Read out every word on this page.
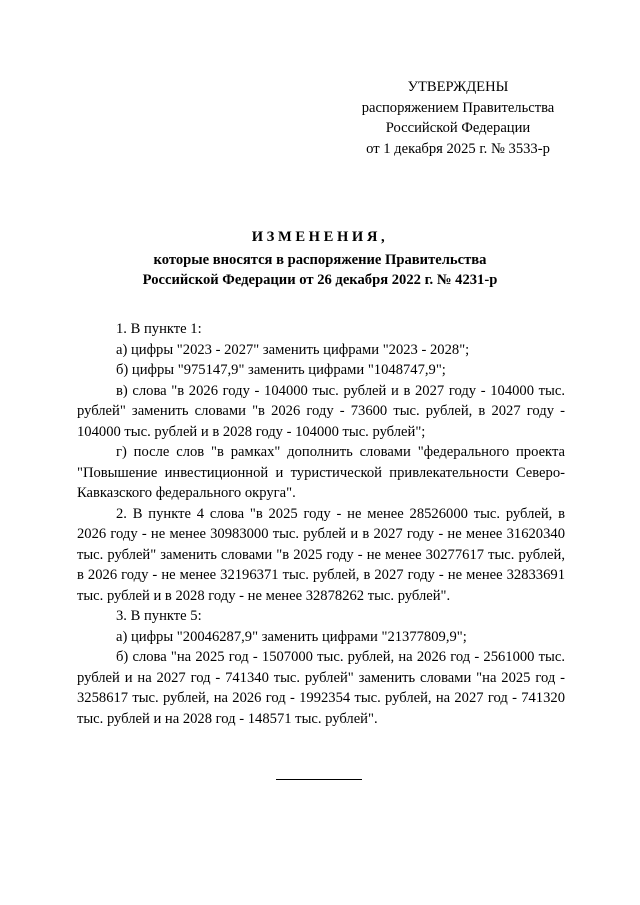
УТВЕРЖДЕНЫ
распоряжением Правительства
Российской Федерации
от 1 декабря 2025 г. № 3533-р
ИЗМЕНЕНИЯ,
которые вносятся в распоряжение Правительства
Российской Федерации от 26 декабря 2022 г. № 4231-р

1. В пункте 1:

а) цифры "2023 - 2027" заменить цифрами "2023 - 2028";

б) цифры "975147,9" заменить цифрами "1048747,9";

в) слова "в 2026 году - 104000 тыс. рублей и в 2027 году - 104000 тыс. рублей" заменить словами "в 2026 году - 73600 тыс. рублей, в 2027 году - 104000 тыс. рублей и в 2028 году - 104000 тыс. рублей";

г) после слов "в рамках" дополнить словами "федерального проекта "Повышение инвестиционной и туристической привлекательности Северо-Кавказского федерального округа".

2. В пункте 4 слова "в 2025 году - не менее 28526000 тыс. рублей, в 2026 году - не менее 30983000 тыс. рублей и в 2027 году - не менее 31620340 тыс. рублей" заменить словами "в 2025 году - не менее 30277617 тыс. рублей, в 2026 году - не менее 32196371 тыс. рублей, в 2027 году - не менее 32833691 тыс. рублей и в 2028 году - не менее 32878262 тыс. рублей".

3. В пункте 5:

а) цифры "20046287,9" заменить цифрами "21377809,9";

б) слова "на 2025 год - 1507000 тыс. рублей, на 2026 год - 2561000 тыс. рублей и на 2027 год - 741340 тыс. рублей" заменить словами "на 2025 год - 3258617 тыс. рублей, на 2026 год - 1992354 тыс. рублей, на 2027 год - 741320 тыс. рублей и на 2028 год - 148571 тыс. рублей".
